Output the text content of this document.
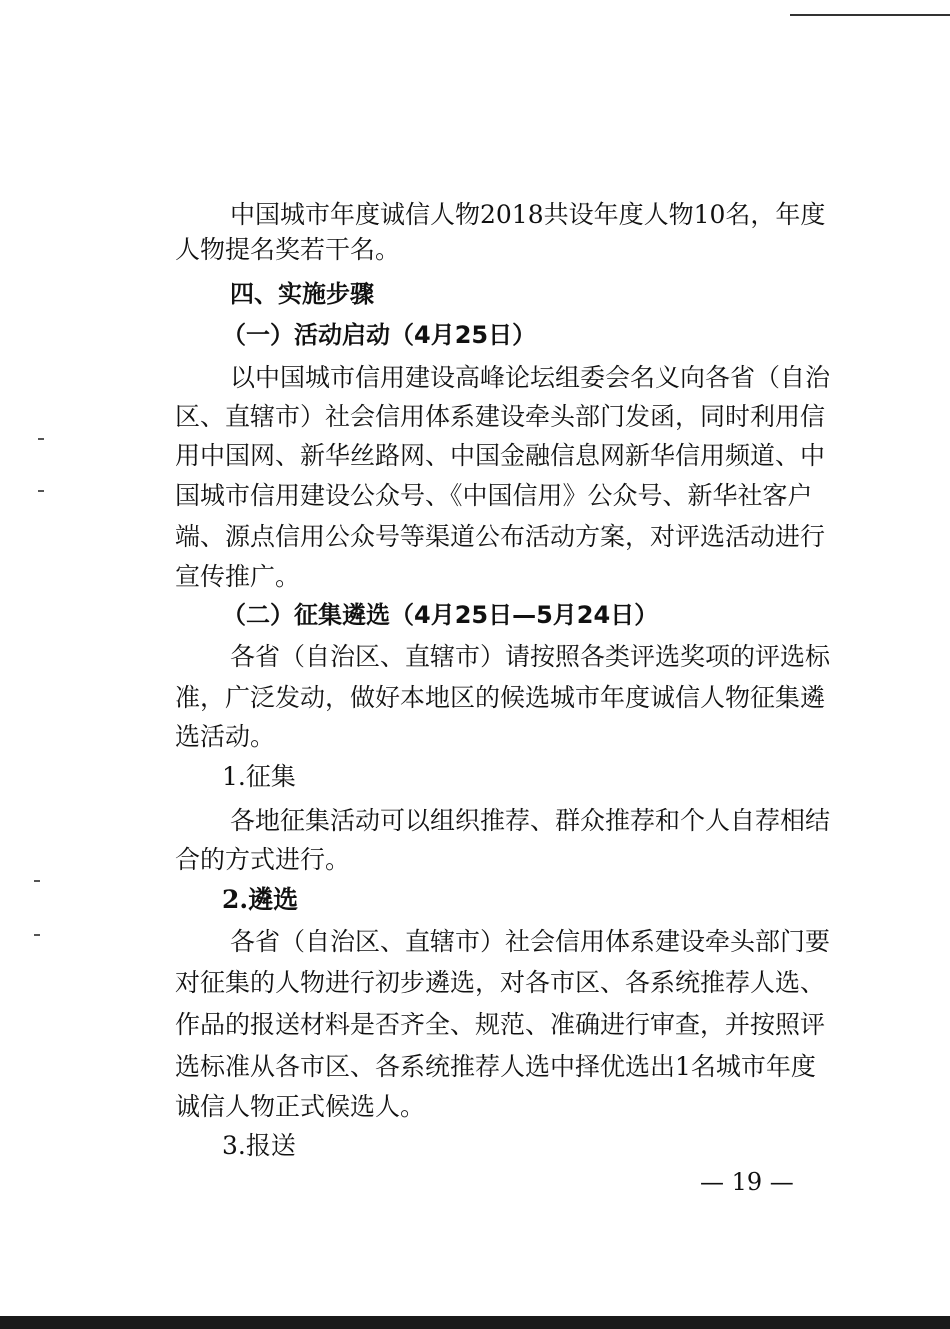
中国城市年度诚信人物2018共设年度人物10名，年度
人物提名奖若干名。
四、实施步骤
（一）活动启动（4月25日）
以中国城市信用建设高峰论坛组委会名义向各省（自治
区、直辖市）社会信用体系建设牵头部门发函，同时利用信
用中国网、新华丝路网、中国金融信息网新华信用频道、中
国城市信用建设公众号、《中国信用》公众号、新华社客户
端、源点信用公众号等渠道公布活动方案，对评选活动进行
宣传推广。
（二）征集遴选（4月25日—5月24日）
各省（自治区、直辖市）请按照各类评选奖项的评选标
准，广泛发动，做好本地区的候选城市年度诚信人物征集遴
选活动。
1.征集
各地征集活动可以组织推荐、群众推荐和个人自荐相结
合的方式进行。
2.遴选
各省（自治区、直辖市）社会信用体系建设牵头部门要
对征集的人物进行初步遴选，对各市区、各系统推荐人选、
作品的报送材料是否齐全、规范、准确进行审查，并按照评
选标准从各市区、各系统推荐人选中择优选出1名城市年度
诚信人物正式候选人。
3.报送
— 19 —
